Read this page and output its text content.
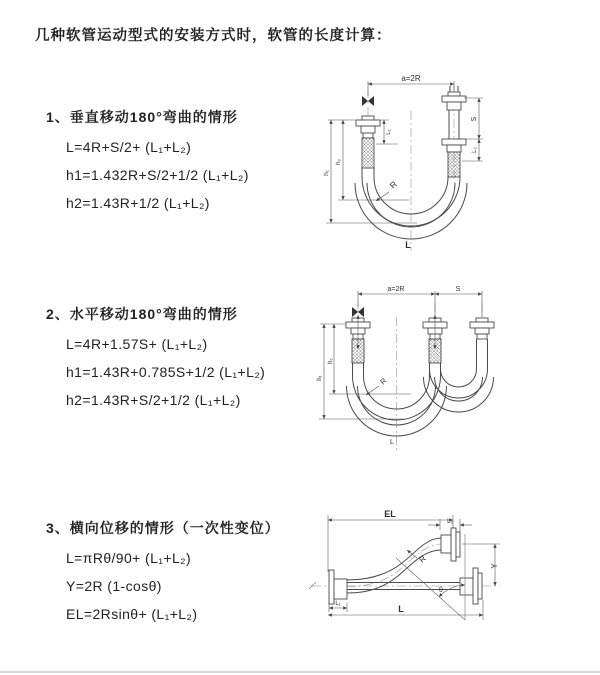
几种软管运动型式的安装方式时，软管的长度计算：
1、垂直移动180°弯曲的情形
L=4R+S/2+ (L₁+L₂)
h1=1.432R+S/2+1/2 (L₁+L₂)
h2=1.43R+1/2 (L₁+L₂)
2、水平移动180°弯曲的情形
L=4R+1.57S+ (L₁+L₂)
h1=1.43R+0.785S+1/2 (L₁+L₂)
h2=1.43R+S/2+1/2 (L₁+L₂)
3、横向位移的情形（一次性变位）
L=πRθ/90+ (L₁+L₂)
Y=2R (1-cosθ)
EL=2Rsinθ+ (L₁+L₂)
a=2R
h₂
h₁
L₁
S
L₂
R
L
a=2R	S
h₂
h₁	R
L
EL
L₂
θ
R
Y
L
L₁
